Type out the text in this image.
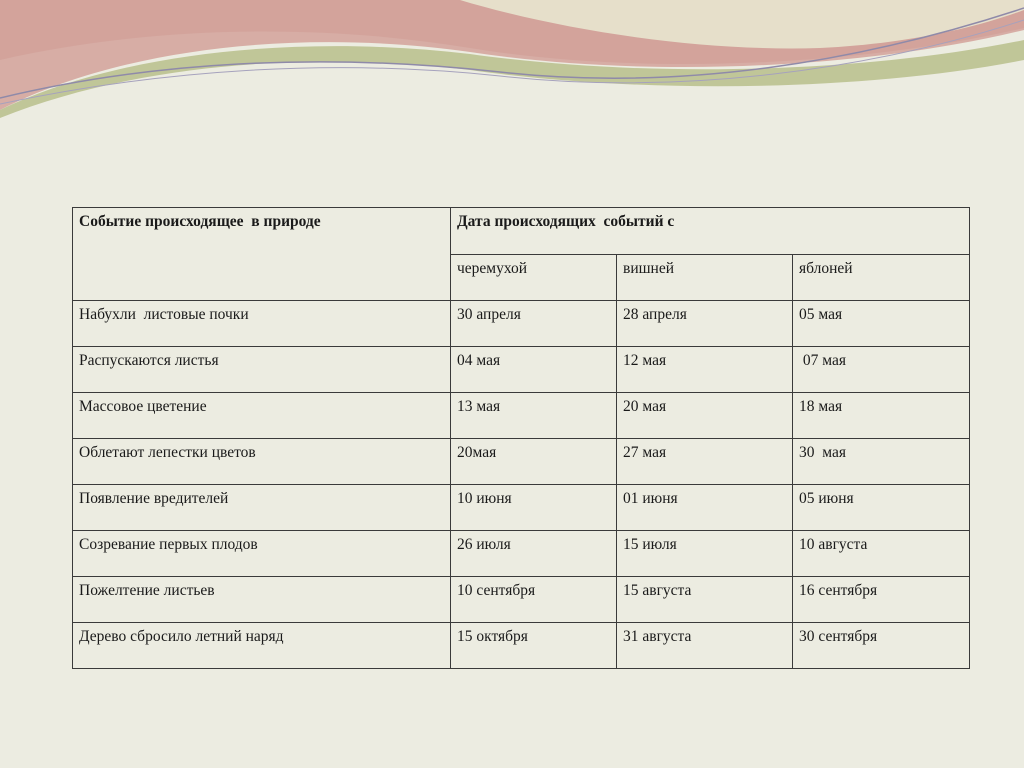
Событие происходящее  в природе	Дата происходящих  событий с		
	черемухой	вишней	яблоней
Набухли  листовые почки	30 апреля	28 апреля	05 мая
Распускаются листья	04 мая	12 мая	07 мая
Массовое цветение	13 мая	20 мая	18 мая
Облетают лепестки цветов	20мая	27 мая	30  мая
Появление вредителей	10 июня	01 июня	05 июня
Созревание первых плодов	26 июля	15 июля	10 августа
Пожелтение листьев	10 сентября	15 августа	16 сентября
Дерево сбросило летний наряд	15 октября	31 августа	30 сентября
